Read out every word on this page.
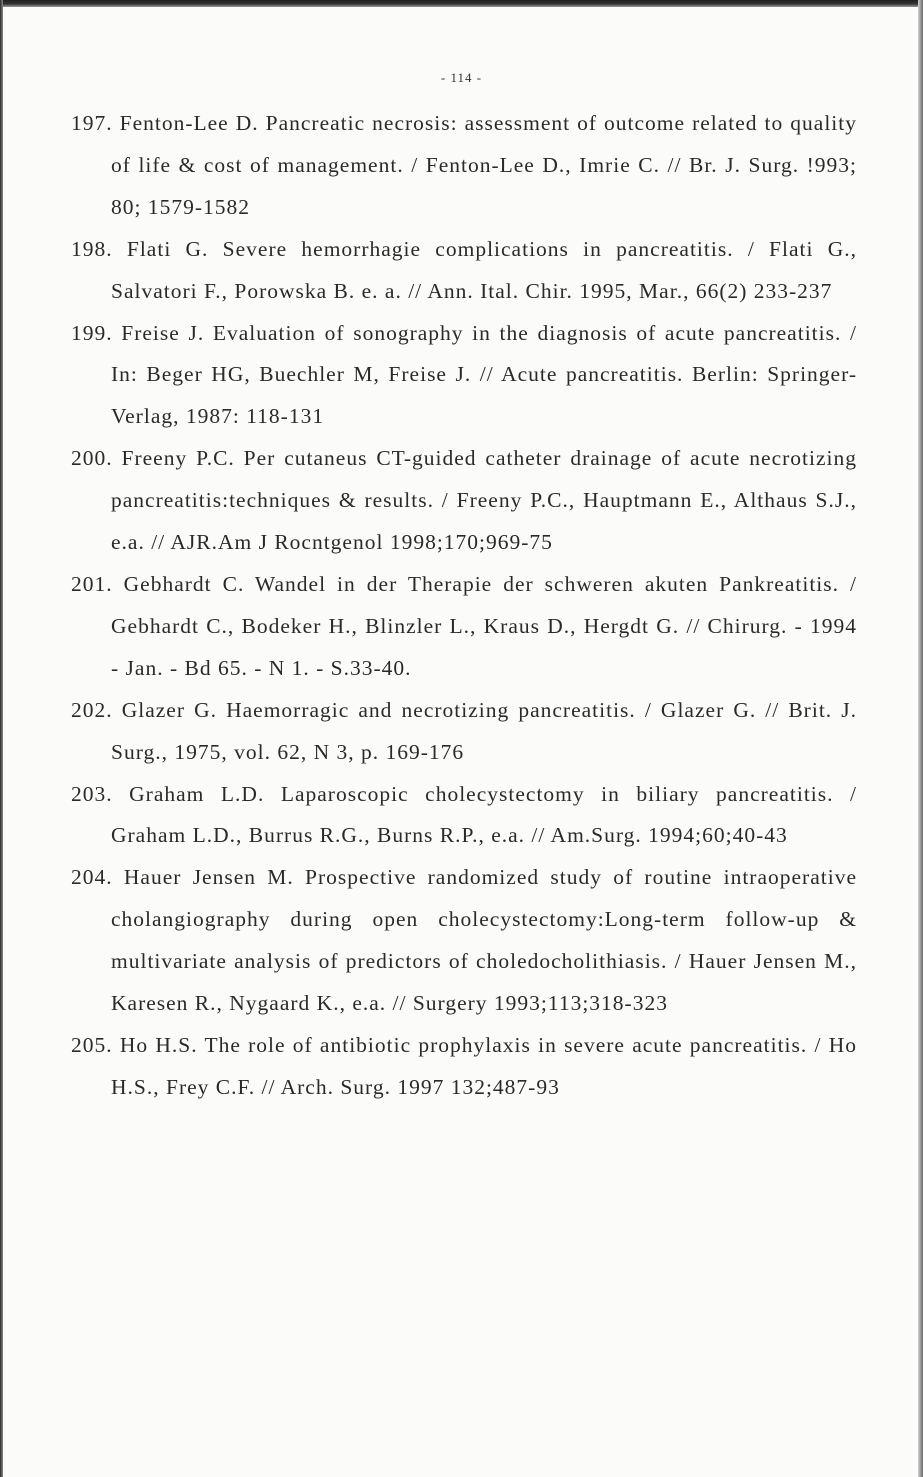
- 114 -
197. Fenton-Lee D. Pancreatic necrosis: assessment of outcome related to quality of life & cost of management. / Fenton-Lee D., Imrie C. // Br. J. Surg. !993; 80; 1579-1582
198. Flati G. Severe hemorrhagie complications in pancreatitis. / Flati G., Salvatori F., Porowska B. e. a. // Ann. Ital. Chir. 1995, Mar., 66(2) 233-237
199. Freise J. Evaluation of sonography in the diagnosis of acute pancreatitis. / In: Beger HG, Buechler M, Freise J. // Acute pancreatitis. Berlin: Springer-Verlag, 1987: 118-131
200. Freeny P.C. Per cutaneus CT-guided catheter drainage of acute necrotizing pancreatitis:techniques & results. / Freeny P.C., Hauptmann E., Althaus S.J., e.a. // AJR.Am J Rocntgenol 1998;170;969-75
201. Gebhardt C. Wandel in der Therapie der schweren akuten Pankreatitis. / Gebhardt C., Bodeker H., Blinzler L., Kraus D., Hergdt G. // Chirurg. - 1994 - Jan. - Bd 65. - N 1. - S.33-40.
202. Glazer G. Haemorragic and necrotizing pancreatitis. / Glazer G. // Brit. J. Surg., 1975, vol. 62, N 3, p. 169-176
203. Graham L.D. Laparoscopic cholecystectomy in biliary pancreatitis. / Graham L.D., Burrus R.G., Burns R.P., e.a. // Am.Surg. 1994;60;40-43
204. Hauer Jensen M. Prospective randomized study of routine intraoperative cholangiography during open cholecystectomy:Long-term follow-up & multivariate analysis of predictors of choledocholithiasis. / Hauer Jensen M., Karesen R., Nygaard K., e.a. // Surgery 1993;113;318-323
205. Ho H.S. The role of antibiotic prophylaxis in severe acute pancreatitis. / Ho H.S., Frey C.F. // Arch. Surg. 1997 132;487-93
